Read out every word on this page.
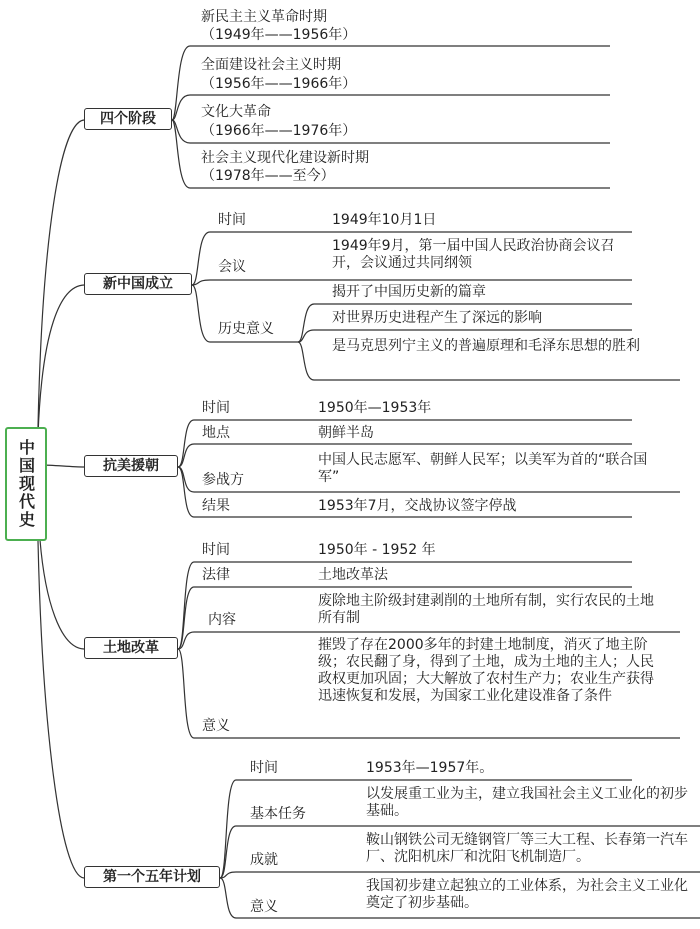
中国现代史
四个阶段
新中国成立
抗美援朝
土地改革
第一个五年计划
新民主主义革命时期
（1949年——1956年）
全面建设社会主义时期
（1956年——1966年）
文化大革命
（1966年——1976年）
社会主义现代化建设新时期
（1978年——至今）
时间	1949年10月1日
会议
1949年9月，第一届中国人民政治协商会议召开，会议通过共同纲领
历史意义
揭开了中国历史新的篇章
对世界历史进程产生了深远的影响
是马克思列宁主义的普遍原理和毛泽东思想的胜利
时间	1950年—1953年
地点	朝鲜半岛
参战方
中国人民志愿军、朝鲜人民军；以美军为首的“联合国军”
结果	1953年7月，交战协议签字停战
时间	1950年 - 1952 年
法律	土地改革法
内容
废除地主阶级封建剥削的土地所有制，实行农民的土地所有制
意义
摧毁了存在2000多年的封建土地制度，消灭了地主阶级；农民翻了身，得到了土地，成为土地的主人；人民政权更加巩固；大大解放了农村生产力；农业生产获得迅速恢复和发展，为国家工业化建设准备了条件
时间	1953年—1957年。
基本任务
以发展重工业为主，建立我国社会主义工业化的初步基础。
成就
鞍山钢铁公司无缝钢管厂等三大工程、长春第一汽车厂、沈阳机床厂和沈阳飞机制造厂。
意义
我国初步建立起独立的工业体系，为社会主义工业化奠定了初步基础。
